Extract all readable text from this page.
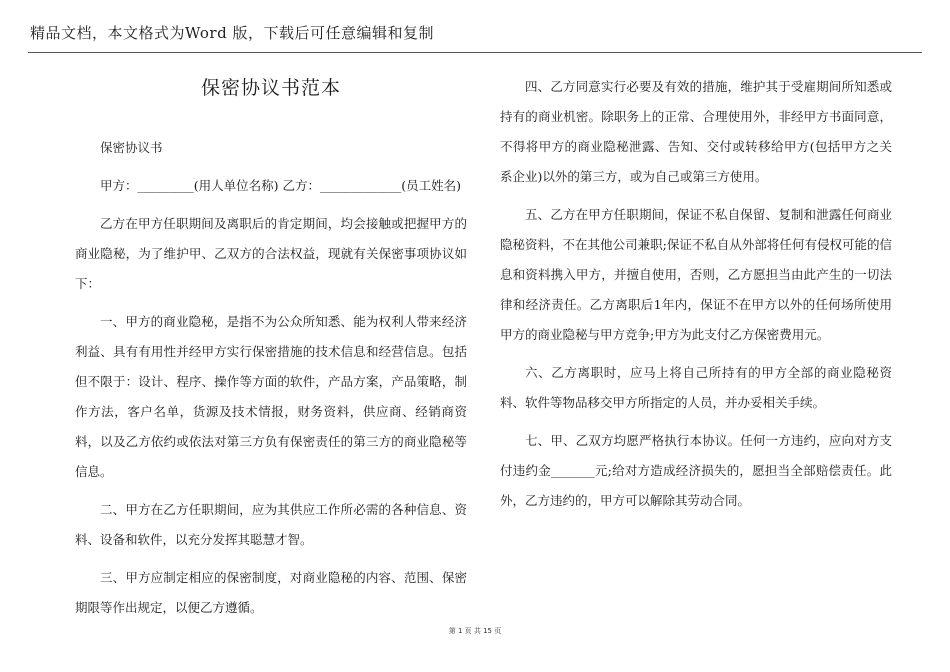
精品文档，本文格式为Word 版，下载后可任意编辑和复制
保密协议书范本
保密协议书
甲方：_________(用人单位名称) 乙方：_____________(员工姓名)
乙方在甲方任职期间及离职后的肯定期间，均会接触或把握甲方的商业隐秘，为了维护甲、乙双方的合法权益，现就有关保密事项协议如下：
一、甲方的商业隐秘，是指不为公众所知悉、能为权利人带来经济利益、具有有用性并经甲方实行保密措施的技术信息和经营信息。包括但不限于：设计、程序、操作等方面的软件，产品方案，产品策略，制作方法，客户名单，货源及技术情报，财务资料，供应商、经销商资料，以及乙方依约或依法对第三方负有保密责任的第三方的商业隐秘等信息。
二、甲方在乙方任职期间，应为其供应工作所必需的各种信息、资料、设备和软件，以充分发挥其聪慧才智。
三、甲方应制定相应的保密制度，对商业隐秘的内容、范围、保密期限等作出规定，以便乙方遵循。
四、乙方同意实行必要及有效的措施，维护其于受雇期间所知悉或持有的商业机密。除职务上的正常、合理使用外，非经甲方书面同意，不得将甲方的商业隐秘泄露、告知、交付或转移给甲方(包括甲方之关系企业)以外的第三方，或为自己或第三方使用。
五、乙方在甲方任职期间，保证不私自保留、复制和泄露任何商业隐秘资料，不在其他公司兼职;保证不私自从外部将任何有侵权可能的信息和资料携入甲方，并擅自使用，否则，乙方愿担当由此产生的一切法律和经济责任。乙方离职后1年内，保证不在甲方以外的任何场所使用甲方的商业隐秘与甲方竞争;甲方为此支付乙方保密费用元。
六、乙方离职时，应马上将自己所持有的甲方全部的商业隐秘资料、软件等物品移交甲方所指定的人员，并办妥相关手续。
七、甲、乙双方均愿严格执行本协议。任何一方违约，应向对方支付违约金_______元;给对方造成经济损失的，愿担当全部赔偿责任。此外，乙方违约的，甲方可以解除其劳动合同。
第 1 页 共 15 页
